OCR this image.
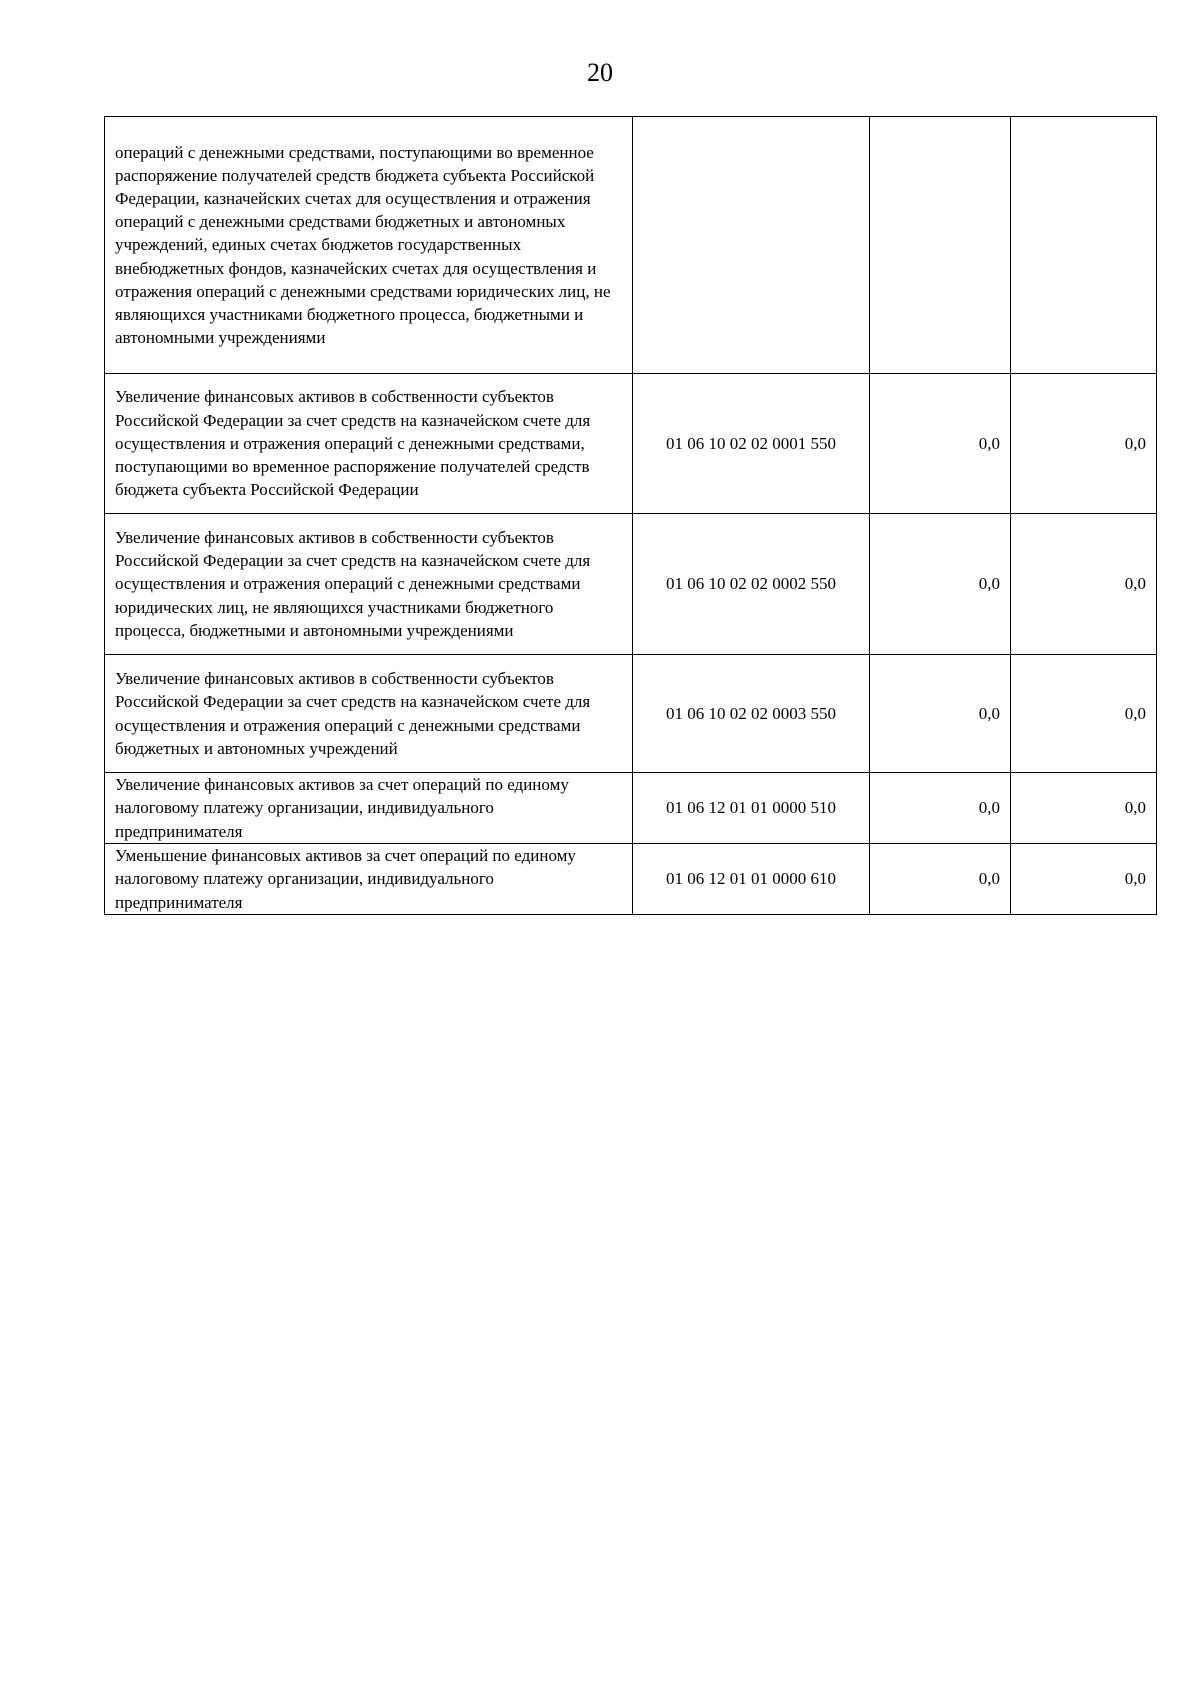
20
операций с денежными средствами, поступающими во временное распоряжение получателей средств бюджета субъекта Российской Федерации, казначейских счетах для осуществления и отражения операций с денежными средствами бюджетных и автономных учреждений, единых счетах бюджетов государственных внебюджетных фондов, казначейских счетах для осуществления и отражения операций с денежными средствами юридических лиц, не являющихся участниками бюджетного процесса, бюджетными и автономными учреждениями			
Увеличение финансовых активов в собственности субъектов Российской Федерации за счет средств на казначейском счете для осуществления и отражения операций с денежными средствами, поступающими во временное распоряжение получателей средств бюджета субъекта Российской Федерации	01 06 10 02 02 0001 550	0,0	0,0
Увеличение финансовых активов в собственности субъектов Российской Федерации за счет средств на казначейском счете для осуществления и отражения операций с денежными средствами юридических лиц, не являющихся участниками бюджетного процесса, бюджетными и автономными учреждениями	01 06 10 02 02 0002 550	0,0	0,0
Увеличение финансовых активов в собственности субъектов Российской Федерации за счет средств на казначейском счете для осуществления и отражения операций с денежными средствами бюджетных и автономных учреждений	01 06 10 02 02 0003 550	0,0	0,0
Увеличение финансовых активов за счет операций по единому налоговому платежу организации, индивидуального предпринимателя	01 06 12 01 01 0000 510	0,0	0,0
Уменьшение финансовых активов за счет операций по единому налоговому платежу организации, индивидуального предпринимателя	01 06 12 01 01 0000 610	0,0	0,0
